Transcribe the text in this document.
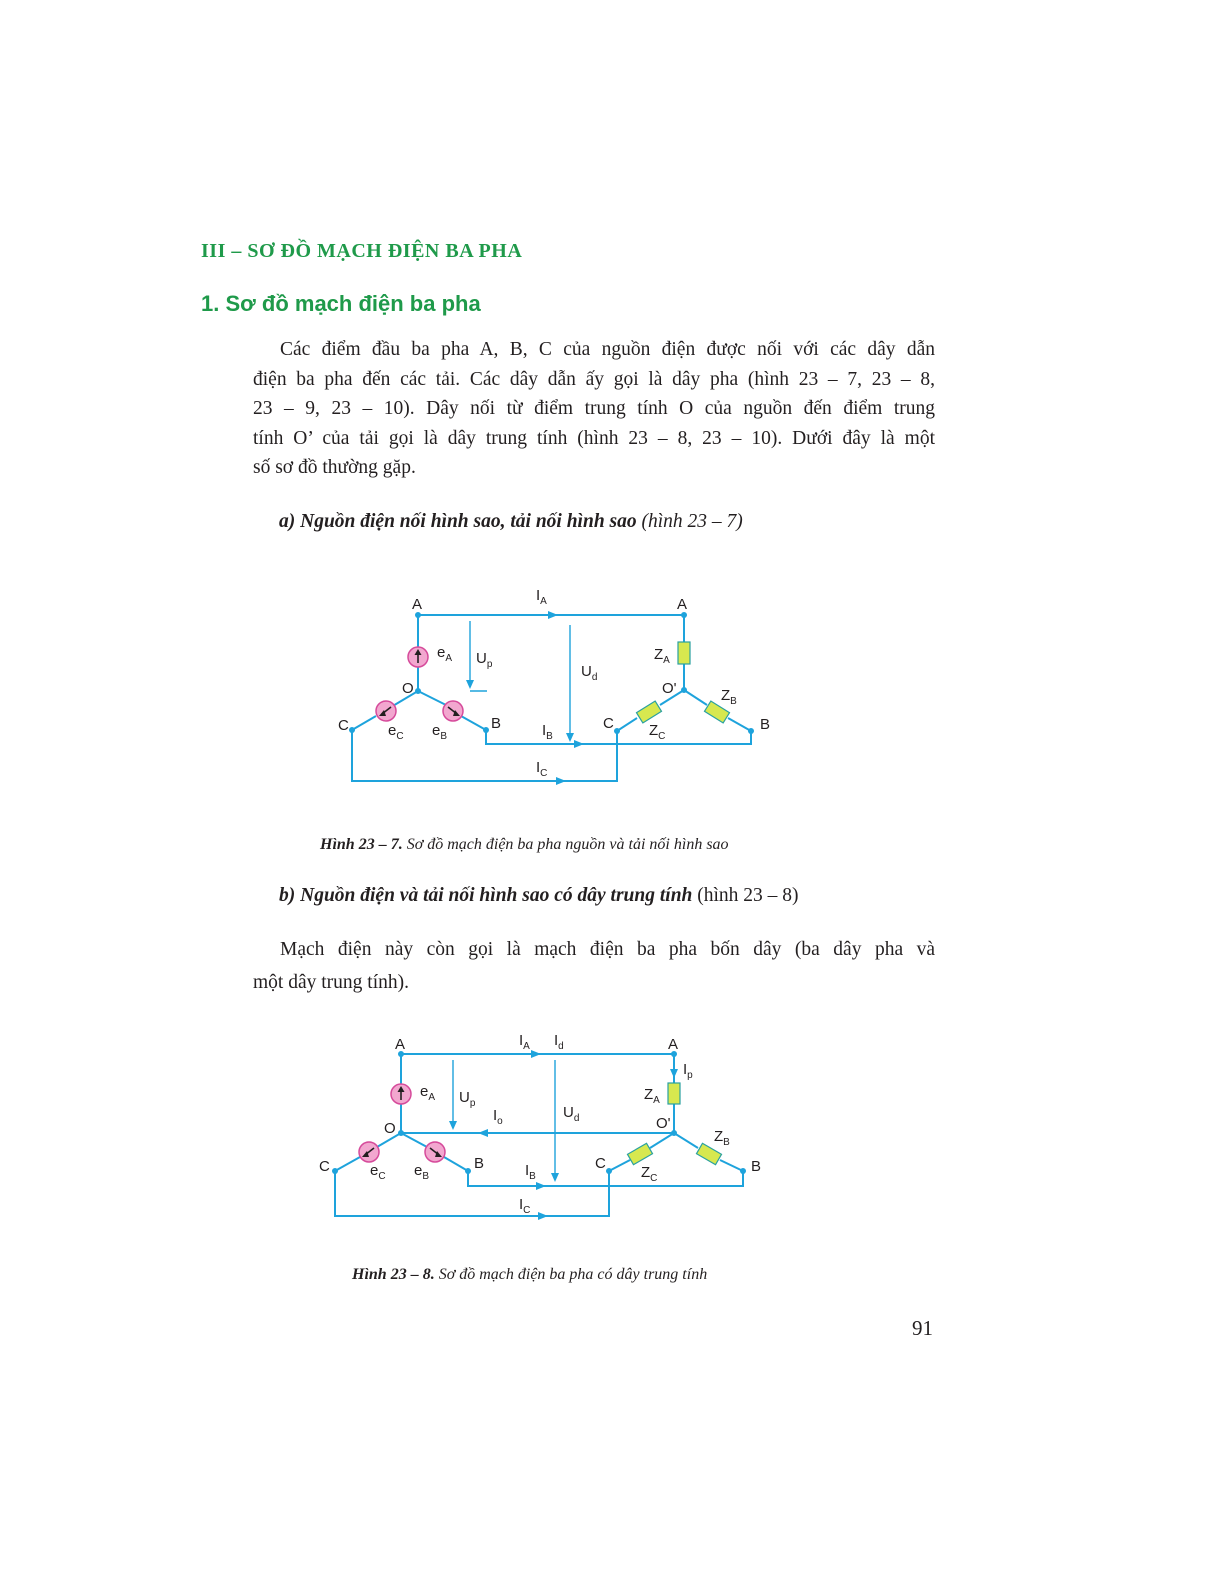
III – SƠ ĐỒ MẠCH ĐIỆN BA PHA
1. Sơ đồ mạch điện ba pha

Các điểm đầu ba pha A, B, C của nguồn điện được nối với các dây dẫn
điện ba pha đến các tải. Các dây dẫn ấy gọi là dây pha (hình 23 – 7, 23 – 8,
23 – 9, 23 – 10). Dây nối từ điểm trung tính O của nguồn đến điểm trung
tính O’ của tải gọi là dây trung tính (hình 23 – 8, 23 – 10). Dưới đây là một
số sơ đồ thường gặp.

a) Nguồn điện nối hình sao, tải nối hình sao (hình 23 – 7)

A	A
$I_A$
$e_A$ $U_p$	$U_d$
O
$Z_A$
O'	$Z_B$
C	$e_C$ $e_B$
B	$I_B$
C $Z_C$
B
$I_C$

Hình 23 – 7. Sơ đồ mạch điện ba pha nguồn và tải nối hình sao

b) Nguồn điện và tải nối hình sao có dây trung tính (hình 23 – 8)

Mạch điện này còn gọi là mạch điện ba pha bốn dây (ba dây pha và
một dây trung tính).

A	A
$I_A$ $I_d$
$I_p$
$e_A$ $U_p$
$Z_A$
$I_o$
$U_d$
O	O'
$Z_B$
C	$e_C$ $e_B$
B	$I_B$
C
$Z_C$
B
$I_C$

Hình 23 – 8. Sơ đồ mạch điện ba pha có dây trung tính

91
